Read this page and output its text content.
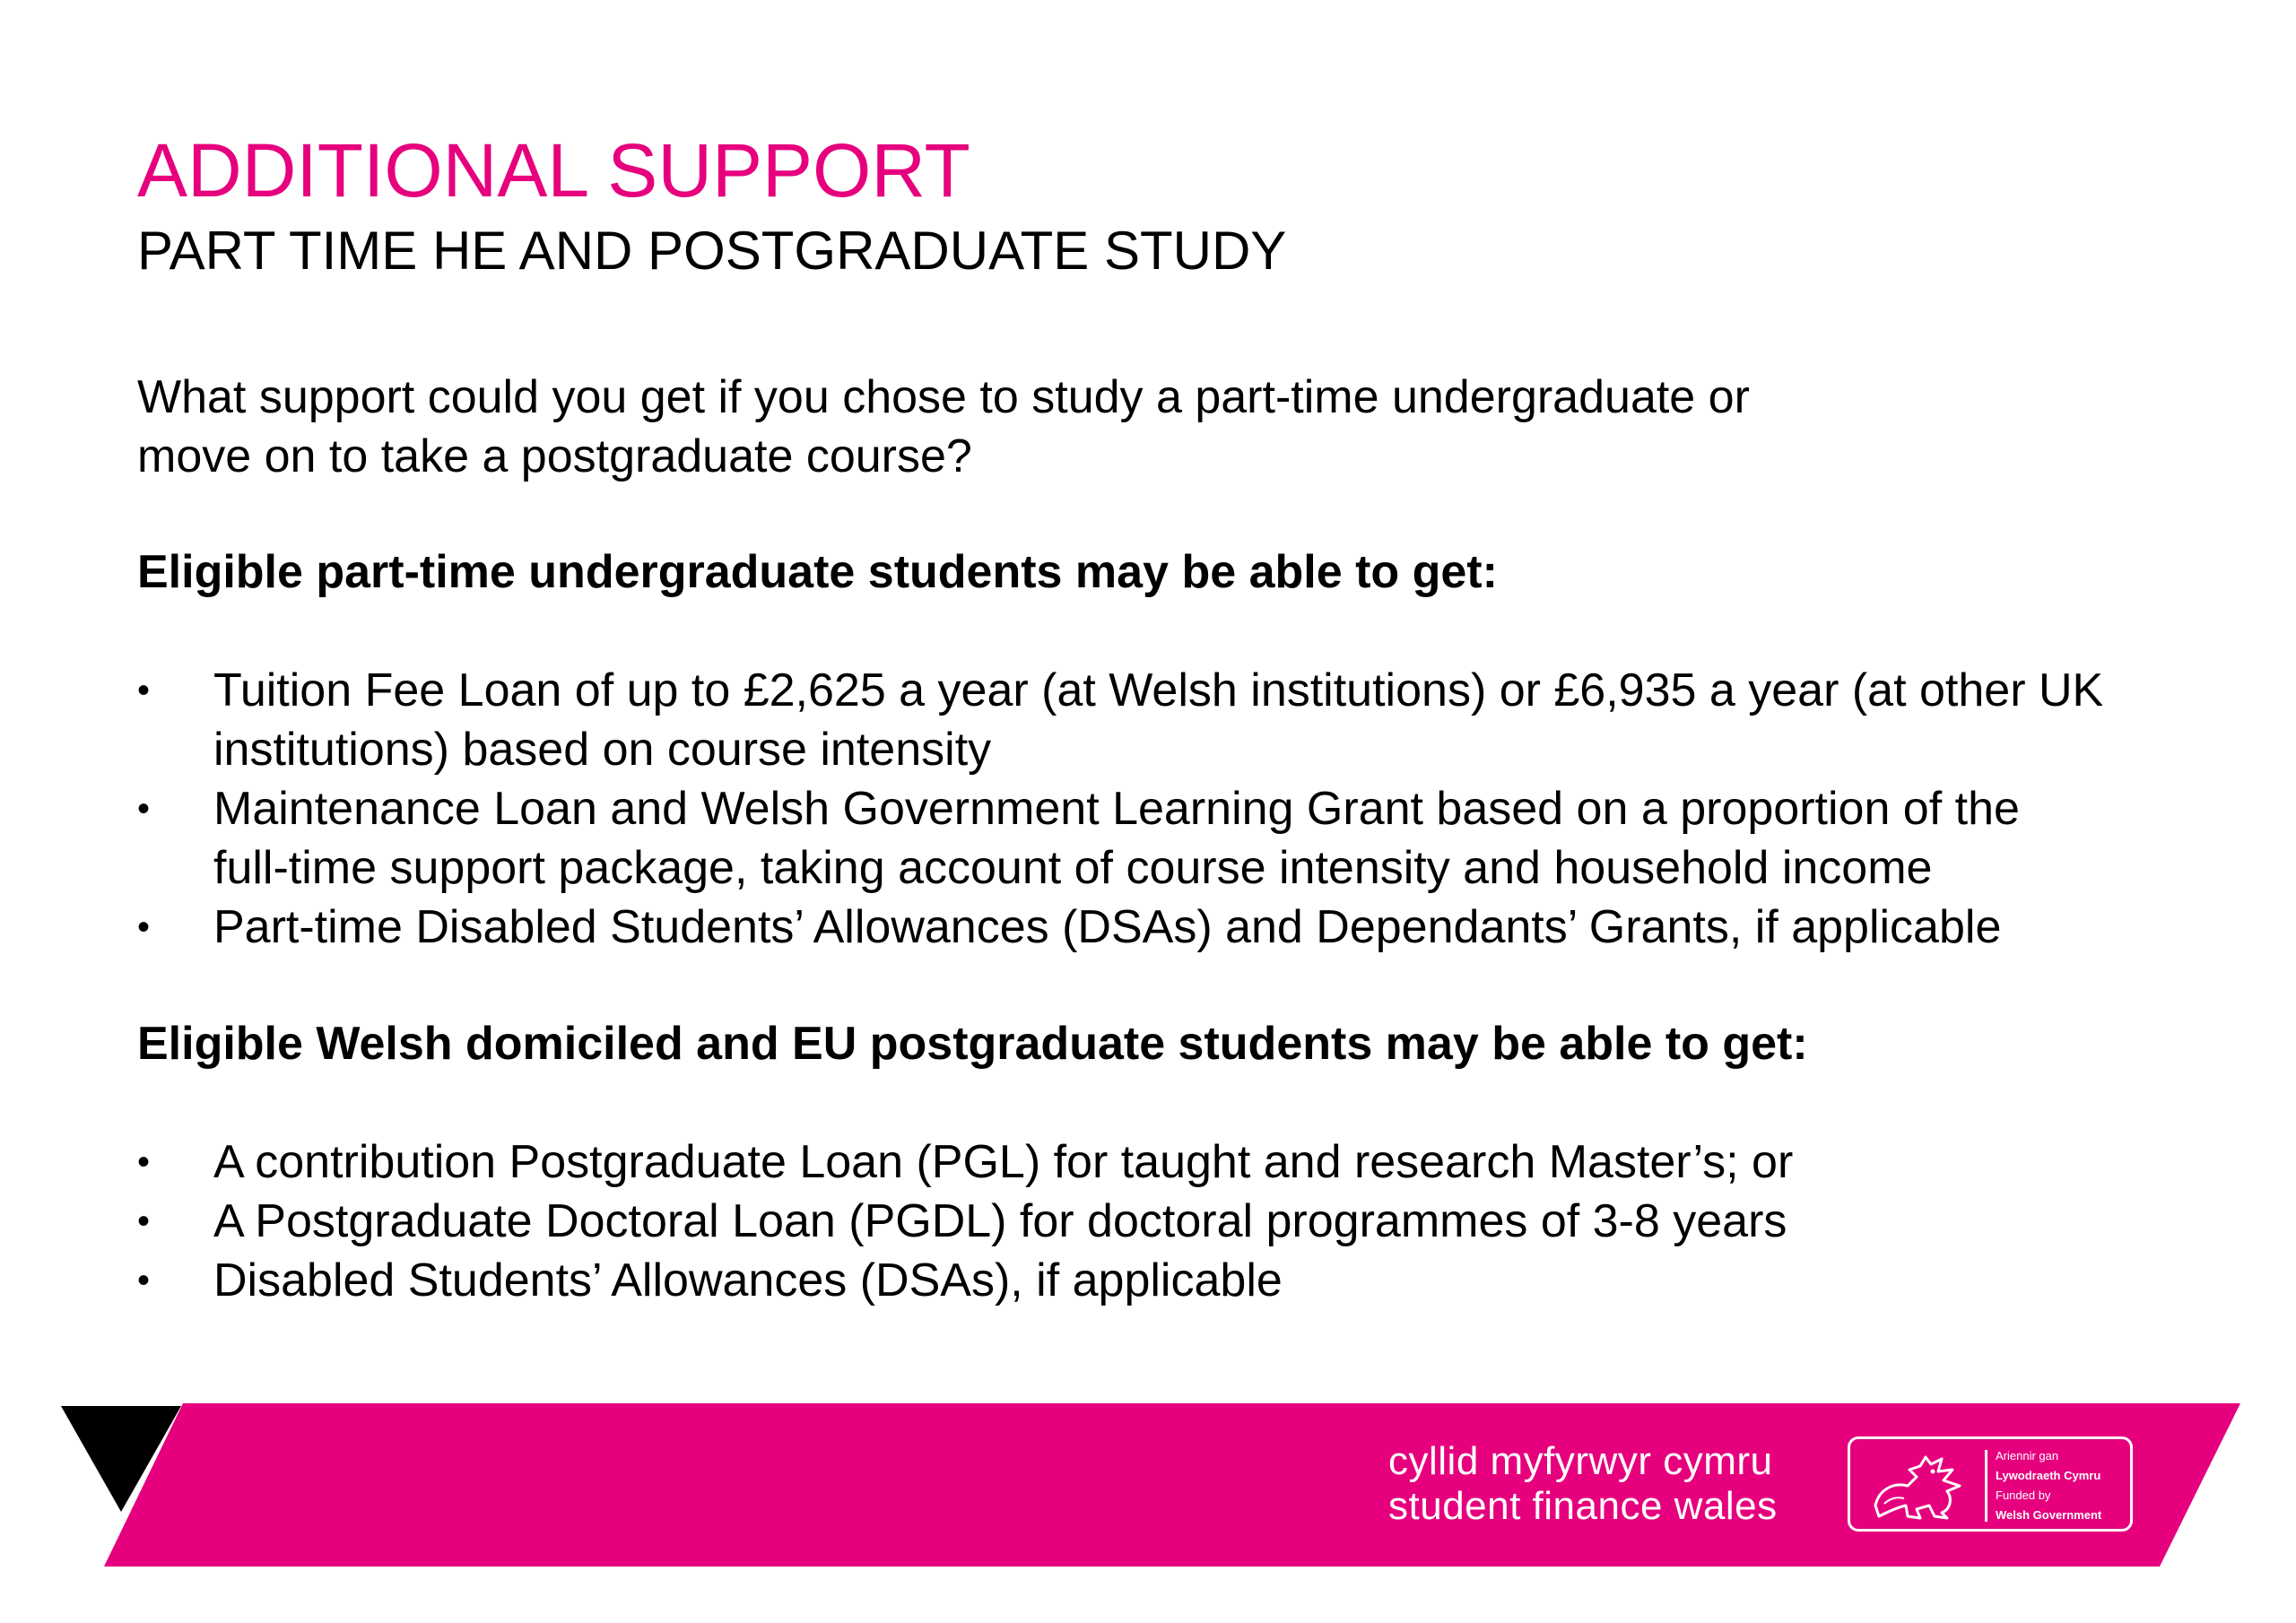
ADDITIONAL SUPPORT
PART TIME HE AND POSTGRADUATE STUDY

What support could you get if you chose to study a part-time undergraduate or
move on to take a postgraduate course?

Eligible part-time undergraduate students may be able to get:

•	Tuition Fee Loan of up to £2,625 a year (at Welsh institutions) or £6,935 a year (at other UK
institutions) based on course intensity
•	Maintenance Loan and Welsh Government Learning Grant based on a proportion of the
full-time support package, taking account of course intensity and household income
•	Part-time Disabled Students’ Allowances (DSAs) and Dependants’ Grants, if applicable

Eligible Welsh domiciled and EU postgraduate students may be able to get:

•	A contribution Postgraduate Loan (PGL) for taught and research Master’s; or
•	A Postgraduate Doctoral Loan (PGDL) for doctoral programmes of 3-8 years
•	Disabled Students’ Allowances (DSAs), if applicable
cyllid myfyrwyr cymru
student finance wales
Ariennir gan
Lywodraeth Cymru
Funded by
Welsh Government
